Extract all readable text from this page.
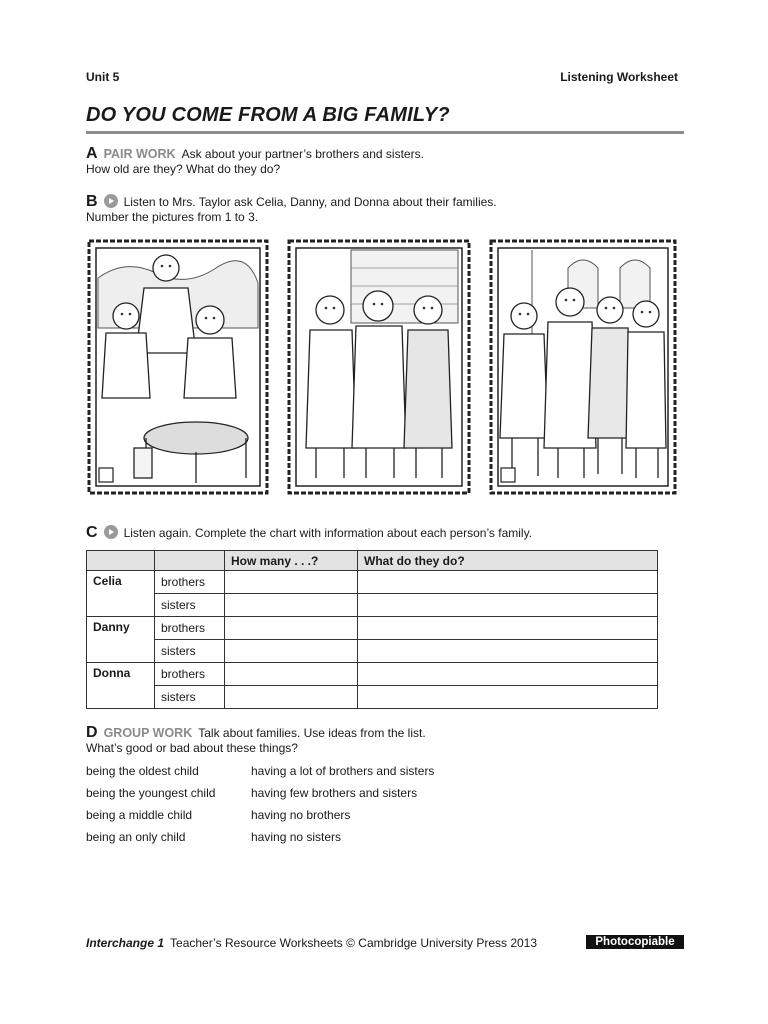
Unit 5	Listening Worksheet
DO YOU COME FROM A BIG FAMILY?
A PAIR WORK Ask about your partner’s brothers and sisters.
How old are they? What do they do?
B Listen to Mrs. Taylor ask Celia, Danny, and Donna about their families.
Number the pictures from 1 to 3.
C Listen again. Complete the chart with information about each person’s family.
		How many . . .?	What do they do?
Celia	brothers		
	sisters		
Danny	brothers		
	sisters		
Donna	brothers		
	sisters		
D GROUP WORK Talk about families. Use ideas from the list.
What’s good or bad about these things?
being the oldest child
being the youngest child
being a middle child
being an only child
having a lot of brothers and sisters
having few brothers and sisters
having no brothers
having no sisters
Interchange 1 Teacher’s Resource Worksheets © Cambridge University Press 2013	Photocopiable
